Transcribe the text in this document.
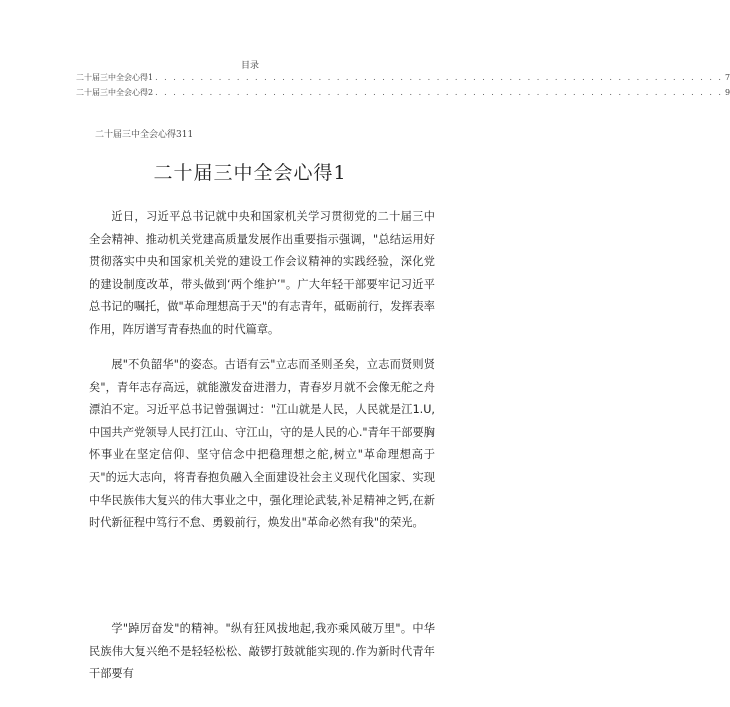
目录
二十届三中全会心得1 . . . . . . . . . . . . . . . . . . . . . . . . . . . . . . . . . . . . . . . . . . . . . . . . . . . . . . . . . . . . . . . 7
二十届三中全会心得2 . . . . . . . . . . . . . . . . . . . . . . . . . . . . . . . . . . . . . . . . . . . . . . . . . . . . . . . . . . . . . . . 9
二十届三中全会心得311
二十届三中全会心得1

近日，习近平总书记就中央和国家机关学习贯彻党的二十届三中全会精神、推动机关党建高质量发展作出重要指示强调，"总结运用好贯彻落实中央和国家机关党的建设工作会议精神的实践经验，深化党的建设制度改革，带头做到‘两个维护’"。广大年轻干部要牢记习近平总书记的嘱托，做"革命理想高于天"的有志青年，砥砺前行，发挥表率作用，阵厉谱写青春热血的时代篇章。

展"不负韶华"的姿态。古语有云"立志而圣则圣矣，立志而贤则贤矣"，青年志存高远，就能激发奋进潜力，青春岁月就不会像无舵之舟漂泊不定。习近平总书记曾强调过："江山就是人民，人民就是江1.U,中国共产党领导人民打江山、守江山，守的是人民的心."青年干部要胸怀事业在坚定信仰、坚守信念中把稳理想之舵,树立"革命理想高于天"的远大志向，将青春抱负融入全面建设社会主义现代化国家、实现中华民族伟大复兴的伟大事业之中，强化理论武装,补足精神之钙,在新时代新征程中笃行不怠、勇毅前行，焕发出"革命必然有我"的荣光。

学"踔厉奋发"的精神。"纵有狂风拔地起,我亦乘风破万里"。中华民族伟大复兴绝不是轻轻松松、敲锣打鼓就能实现的.作为新时代青年干部要有
